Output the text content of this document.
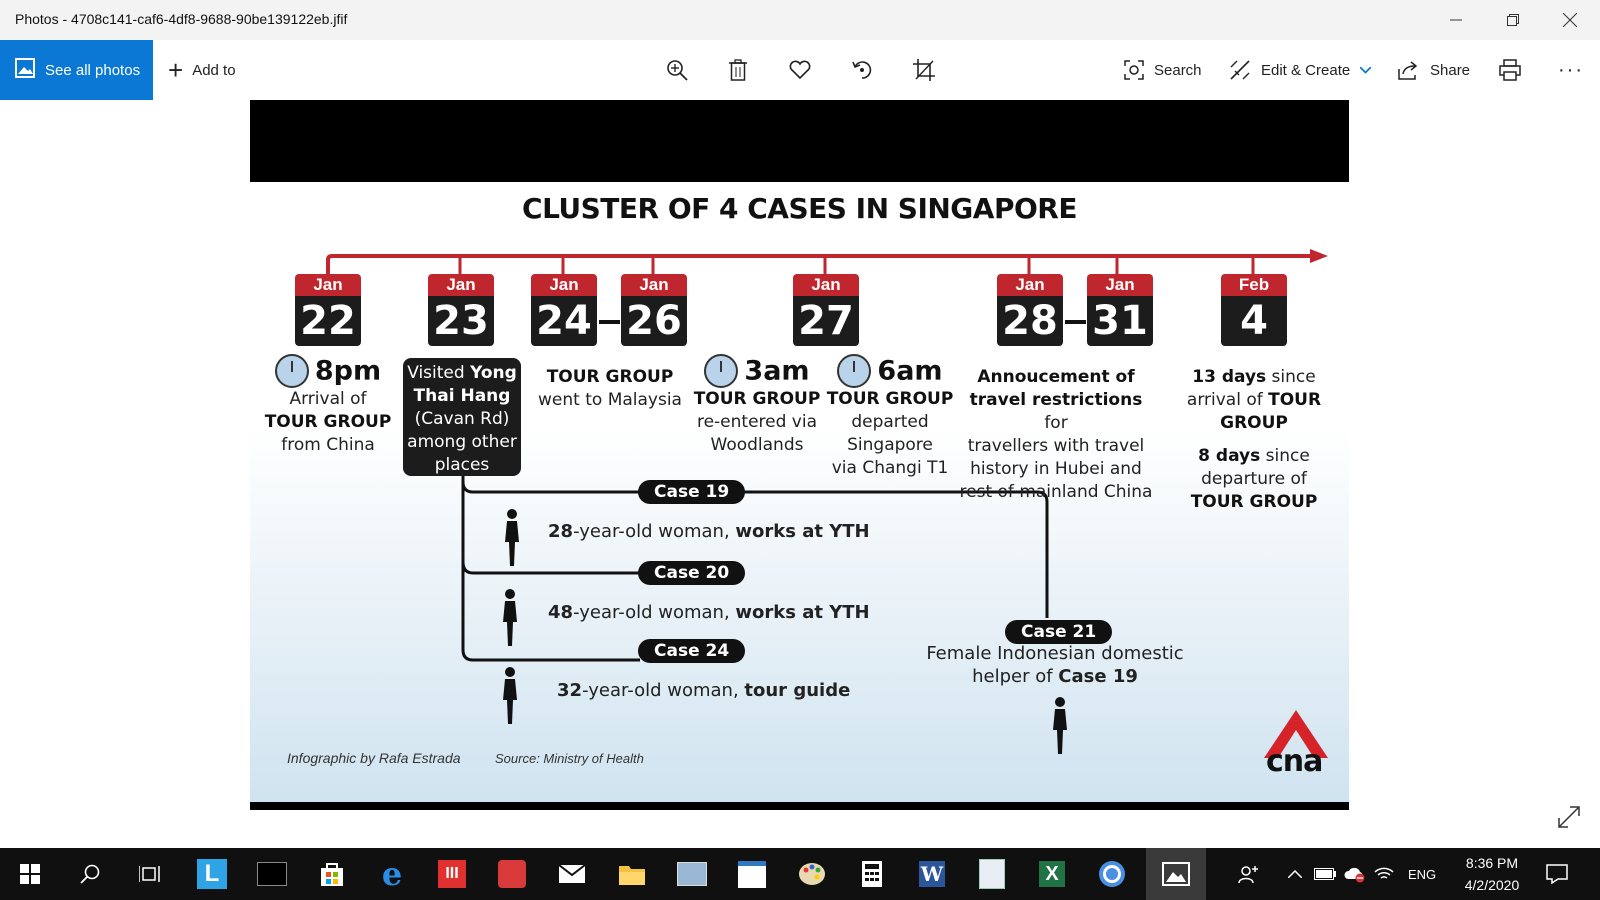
Photos - 4708c141-caf6-4df8-9688-90be139122eb.jfif
See all photos + Add to	Search	Edit & Create	Share	···
CLUSTER OF 4 CASES IN SINGAPORE
Jan
22
Jan
23
Jan
24
Jan
26
Jan
27
Jan
28
Jan
31
Feb
4
8pm
Arrival of
TOUR GROUP
from China
Visited Yong
Thai Hang
(Cavan Rd)
among other
places
TOUR GROUP
went to Malaysia
3am
TOUR GROUP
re-entered via
Woodlands
6am
TOUR GROUP
departed
Singapore
via Changi T1
Annoucement of
travel restrictions for
travellers with travel
history in Hubei and
rest of mainland China
13 days since
arrival of TOUR
GROUP
8 days since
departure of
TOUR GROUP
Case 19
Case 20
Case 24
Case 21
28-year-old woman, works at YTH
48-year-old woman, works at YTH
32-year-old woman, tour guide
Female Indonesian domestic
helper of Case 19
Infographic by Rafa Estrada	Source: Ministry of Health	cna
L	e	III	W	X	ENG
8:36 PM
4/2/2020
